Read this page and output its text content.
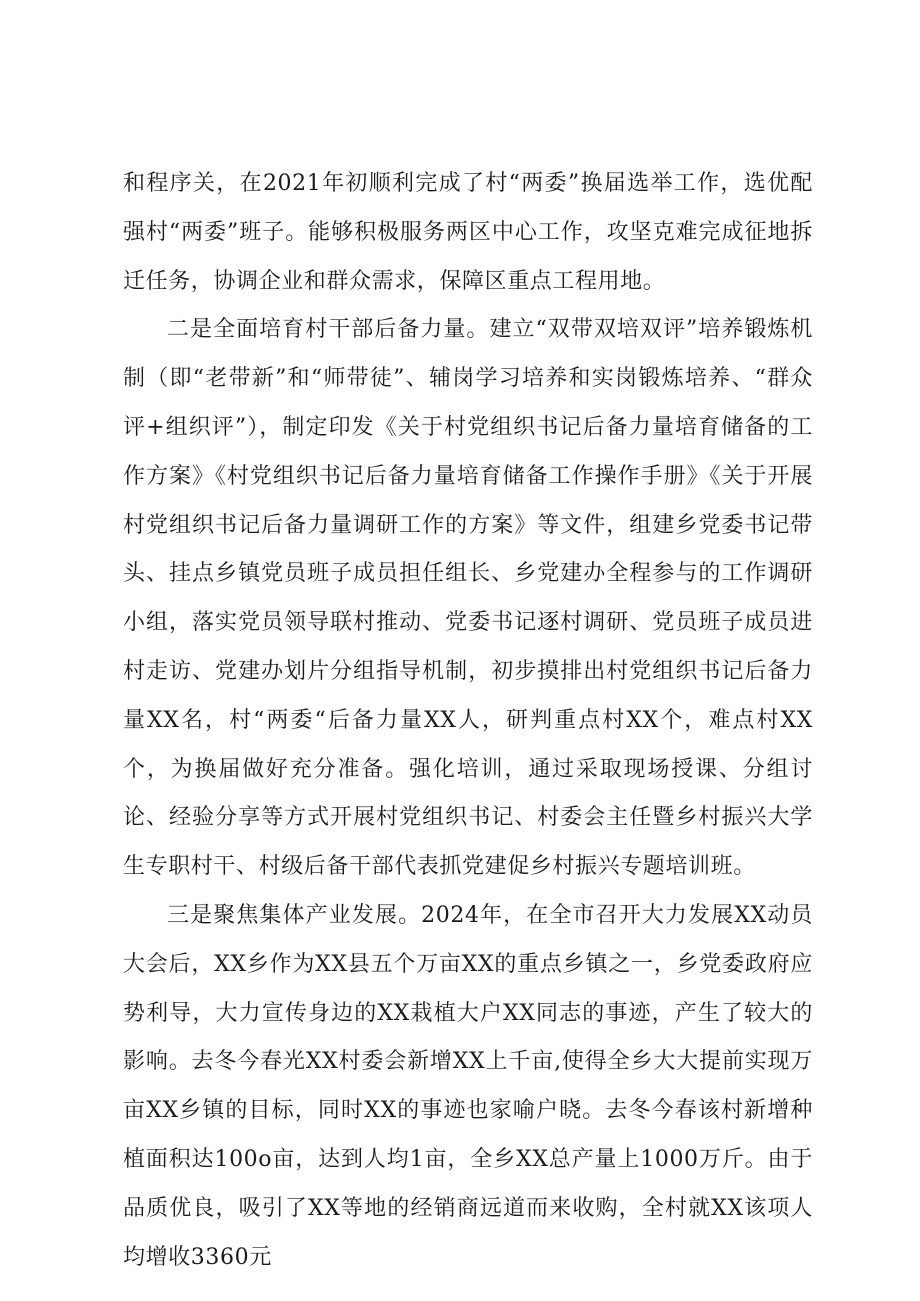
和程序关，在2021年初顺利完成了村“两委”换届选举工作，选优配强村“两委”班子。能够积极服务两区中心工作，攻坚克难完成征地拆迁任务，协调企业和群众需求，保障区重点工程用地。

二是全面培育村干部后备力量。建立“双带双培双评”培养锻炼机制（即“老带新”和“师带徒”、辅岗学习培养和实岗锻炼培养、“群众评+组织评”），制定印发《关于村党组织书记后备力量培育储备的工作方案》《村党组织书记后备力量培育储备工作操作手册》《关于开展村党组织书记后备力量调研工作的方案》等文件，组建乡党委书记带头、挂点乡镇党员班子成员担任组长、乡党建办全程参与的工作调研小组，落实党员领导联村推动、党委书记逐村调研、党员班子成员进村走访、党建办划片分组指导机制，初步摸排出村党组织书记后备力量XX名，村“两委“后备力量XX人，研判重点村XX个，难点村XX个，为换届做好充分准备。强化培训，通过采取现场授课、分组讨论、经验分享等方式开展村党组织书记、村委会主任暨乡村振兴大学生专职村干、村级后备干部代表抓党建促乡村振兴专题培训班。

三是聚焦集体产业发展。2024年，在全市召开大力发展XX动员大会后，XX乡作为XX县五个万亩XX的重点乡镇之一，乡党委政府应势利导，大力宣传身边的XX栽植大户XX同志的事迹，产生了较大的影响。去冬今春光XX村委会新增XX上千亩,使得全乡大大提前实现万亩XX乡镇的目标，同时XX的事迹也家喻户晓。去冬今春该村新增种植面积达100o亩，达到人均1亩，全乡XX总产量上1000万斤。由于品质优良，吸引了XX等地的经销商远道而来收购，全村就XX该项人均增收3360元
